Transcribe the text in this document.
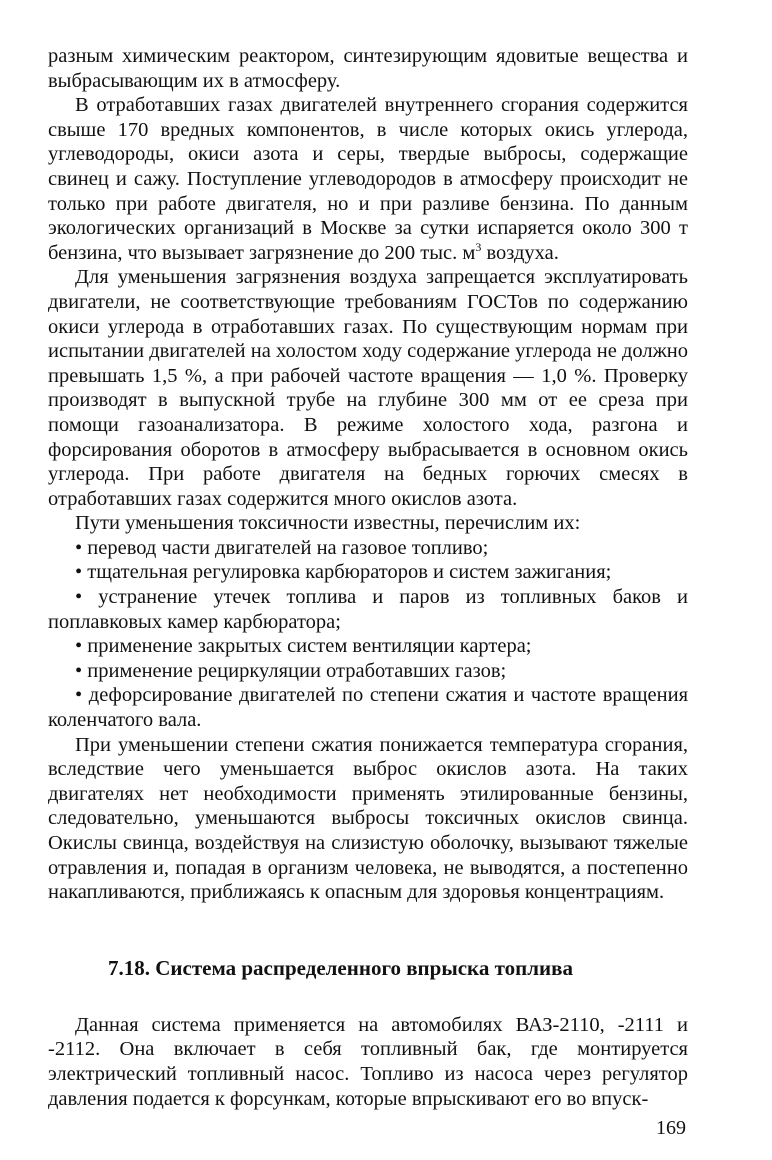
разным химическим реактором, синтезирующим ядовитые вещества и выбрасывающим их в атмосферу.

В отработавших газах двигателей внутреннего сгорания содержится свыше 170 вредных компонентов, в числе которых окись углерода, углеводороды, окиси азота и серы, твердые выбросы, содержащие свинец и сажу. Поступление углеводородов в атмосферу происходит не только при работе двигателя, но и при разливе бензина. По данным экологических организаций в Москве за сутки испаряется около 300 т бензина, что вызывает загрязнение до 200 тыс. $м^3$ воздуха.

Для уменьшения загрязнения воздуха запрещается эксплуатировать двигатели, не соответствующие требованиям ГОСТов по содержанию окиси углерода в отработавших газах. По существующим нормам при испытании двигателей на холостом ходу содержание углерода не должно превышать 1,5 %, а при рабочей частоте вращения — 1,0 %. Проверку производят в выпускной трубе на глубине 300 мм от ее среза при помощи газоанализатора. В режиме холостого хода, разгона и форсирования оборотов в атмосферу выбрасывается в основном окись углерода. При работе двигателя на бедных горючих смесях в отработавших газах содержится много окислов азота.

Пути уменьшения токсичности известны, перечислим их:

• перевод части двигателей на газовое топливо;

• тщательная регулировка карбюраторов и систем зажигания;

• устранение утечек топлива и паров из топливных баков и поплавковых камер карбюратора;

• применение закрытых систем вентиляции картера;

• применение рециркуляции отработавших газов;

• дефорсирование двигателей по степени сжатия и частоте вращения коленчатого вала.

При уменьшении степени сжатия понижается температура сгорания, вследствие чего уменьшается выброс окислов азота. На таких двигателях нет необходимости применять этилированные бензины, следовательно, уменьшаются выбросы токсичных окислов свинца. Окислы свинца, воздействуя на слизистую оболочку, вызывают тяжелые отравления и, попадая в организм человека, не выводятся, а постепенно накапливаются, приближаясь к опасным для здоровья концентрациям.

7.18. Система распределенного впрыска топлива

Данная система применяется на автомобилях ВАЗ-2110, -2111 и -2112. Она включает в себя топливный бак, где монтируется электрический топливный насос. Топливо из насоса через регулятор давления подается к форсункам, которые впрыскивают его во впуск-

169
